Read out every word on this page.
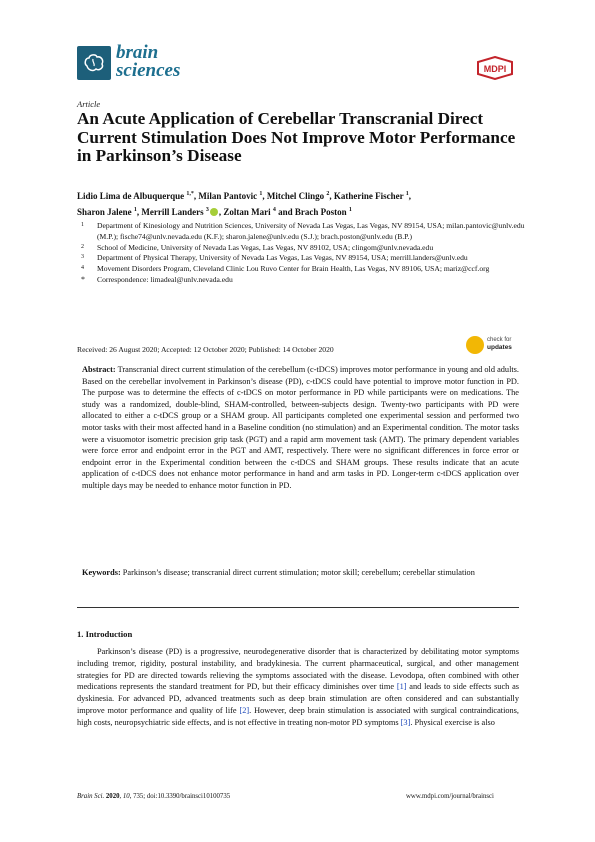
brain
sciences	MDPI
Article
An Acute Application of Cerebellar Transcranial Direct Current Stimulation Does Not Improve Motor Performance in Parkinson’s Disease
Lidio Lima de Albuquerque $^{1,*}$, Milan Pantovic $^1$, Mitchel Clingo $^2$, Katherine Fischer $^1$,
Sharon Jalene $^1$, Merrill Landers $^3$ , Zoltan Mari $^4$ and Brach Poston $^1$
1 Department of Kinesiology and Nutrition Sciences, University of Nevada Las Vegas, Las Vegas, NV 89154, USA; milan.pantovic@unlv.edu (M.P.); fische74@unlv.nevada.edu (K.F.); sharon.jalene@unlv.edu (S.J.); brach.poston@unlv.edu (B.P.)
2 School of Medicine, University of Nevada Las Vegas, Las Vegas, NV 89102, USA; clingom@unlv.nevada.edu
3 Department of Physical Therapy, University of Nevada Las Vegas, Las Vegas, NV 89154, USA; merrill.landers@unlv.edu
4 Movement Disorders Program, Cleveland Clinic Lou Ruvo Center for Brain Health, Las Vegas, NV 89106, USA; mariz@ccf.org
* Correspondence: limadeal@unlv.nevada.edu
Received: 26 August 2020; Accepted: 12 October 2020; Published: 14 October 2020
check for
updates
Abstract: Transcranial direct current stimulation of the cerebellum (c-tDCS) improves motor performance in young and old adults. Based on the cerebellar involvement in Parkinson’s disease (PD), c-tDCS could have potential to improve motor function in PD. The purpose was to determine the effects of c-tDCS on motor performance in PD while participants were on medications. The study was a randomized, double-blind, SHAM-controlled, between-subjects design. Twenty-two participants with PD were allocated to either a c-tDCS group or a SHAM group. All participants completed one experimental session and performed two motor tasks with their most affected hand in a Baseline condition (no stimulation) and an Experimental condition. The motor tasks were a visuomotor isometric precision grip task (PGT) and a rapid arm movement task (AMT). The primary dependent variables were force error and endpoint error in the PGT and AMT, respectively. There were no significant differences in force error or endpoint error in the Experimental condition between the c-tDCS and SHAM groups. These results indicate that an acute application of c-tDCS does not enhance motor performance in hand and arm tasks in PD. Longer-term c-tDCS application over multiple days may be needed to enhance motor function in PD.
Keywords: Parkinson’s disease; transcranial direct current stimulation; motor skill; cerebellum; cerebellar stimulation
1. Introduction
Parkinson’s disease (PD) is a progressive, neurodegenerative disorder that is characterized by debilitating motor symptoms including tremor, rigidity, postural instability, and bradykinesia. The current pharmaceutical, surgical, and other management strategies for PD are directed towards relieving the symptoms associated with the disease. Levodopa, often combined with other medications represents the standard treatment for PD, but their efficacy diminishes over time [1] and leads to side effects such as dyskinesia. For advanced PD, advanced treatments such as deep brain stimulation are often considered and can substantially improve motor performance and quality of life [2]. However, deep brain stimulation is associated with surgical contraindications, high costs, neuropsychiatric side effects, and is not effective in treating non-motor PD symptoms [3]. Physical exercise is also
Brain Sci. 2020, 10, 735; doi:10.3390/brainsci10100735	www.mdpi.com/journal/brainsci
